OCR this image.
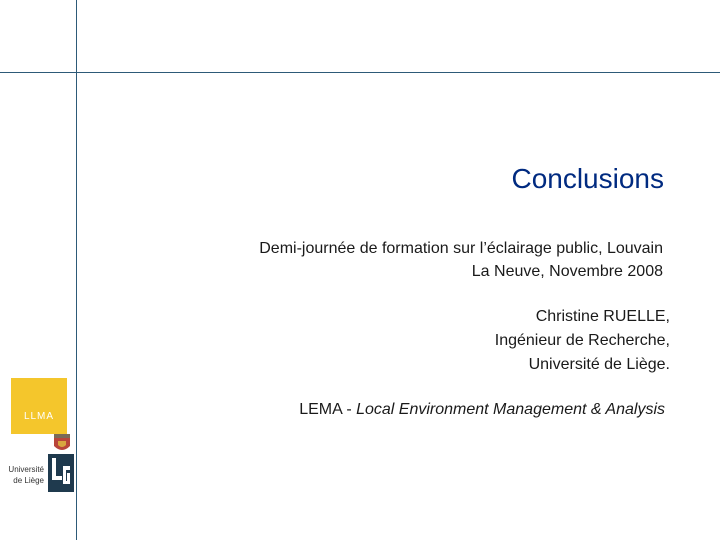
Conclusions
Demi-journée de formation sur l’éclairage public, Louvain
La Neuve, Novembre 2008
Christine RUELLE,
Ingénieur de Recherche,
Université de Liège.
LEMA - Local Environment Management & Analysis
LLMA
Université
de Liège
